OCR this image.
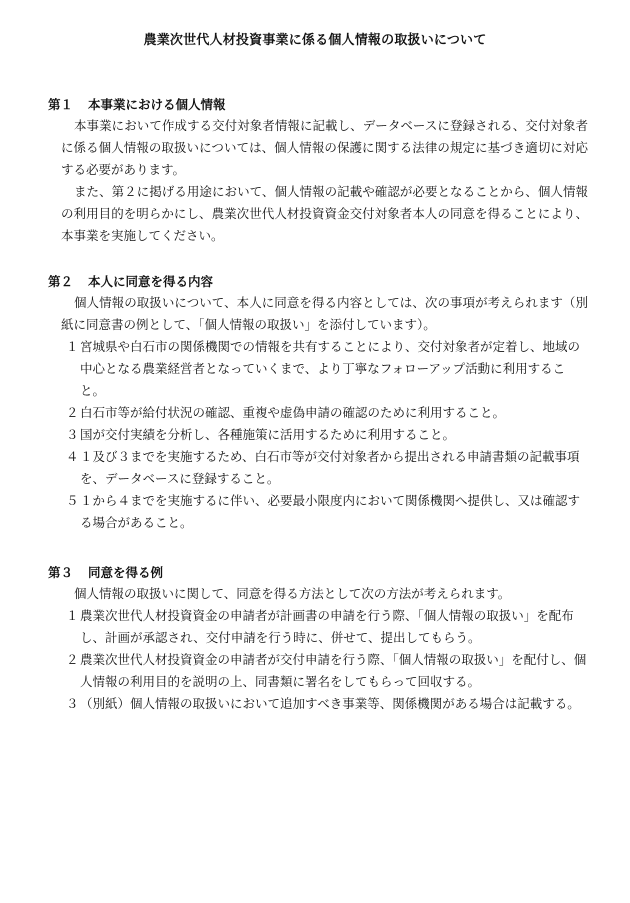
農業次世代人材投資事業に係る個人情報の取扱いについて
第１ 本事業における個人情報

本事業において作成する交付対象者情報に記載し、データベースに登録される、交付対象者に係る個人情報の取扱いについては、個人情報の保護に関する法律の規定に基づき適切に対応する必要があります。

また、第２に掲げる用途において、個人情報の記載や確認が必要となることから、個人情報の利用目的を明らかにし、農業次世代人材投資資金交付対象者本人の同意を得ることにより、本事業を実施してください。

第２ 本人に同意を得る内容

個人情報の取扱いについて、本人に同意を得る内容としては、次の事項が考えられます（別紙に同意書の例として、「個人情報の取扱い」を添付しています）。

１ 宮城県や白石市の関係機関での情報を共有することにより、交付対象者が定着し、地域の中心となる農業経営者となっていくまで、より丁寧なフォローアップ活動に利用すること。

２ 白石市等が給付状況の確認、重複や虚偽申請の確認のために利用すること。

３ 国が交付実績を分析し、各種施策に活用するために利用すること。

４ １及び３までを実施するため、白石市等が交付対象者から提出される申請書類の記載事項を、データベースに登録すること。

５ １から４までを実施するに伴い、必要最小限度内において関係機関へ提供し、又は確認する場合があること。

第３ 同意を得る例

個人情報の取扱いに関して、同意を得る方法として次の方法が考えられます。

１ 農業次世代人材投資資金の申請者が計画書の申請を行う際、「個人情報の取扱い」を配布し、計画が承認され、交付申請を行う時に、併せて、提出してもらう。

２ 農業次世代人材投資資金の申請者が交付申請を行う際、「個人情報の取扱い」を配付し、個人情報の利用目的を説明の上、同書類に署名をしてもらって回収する。

３ （別紙）個人情報の取扱いにおいて追加すべき事業等、関係機関がある場合は記載する。
